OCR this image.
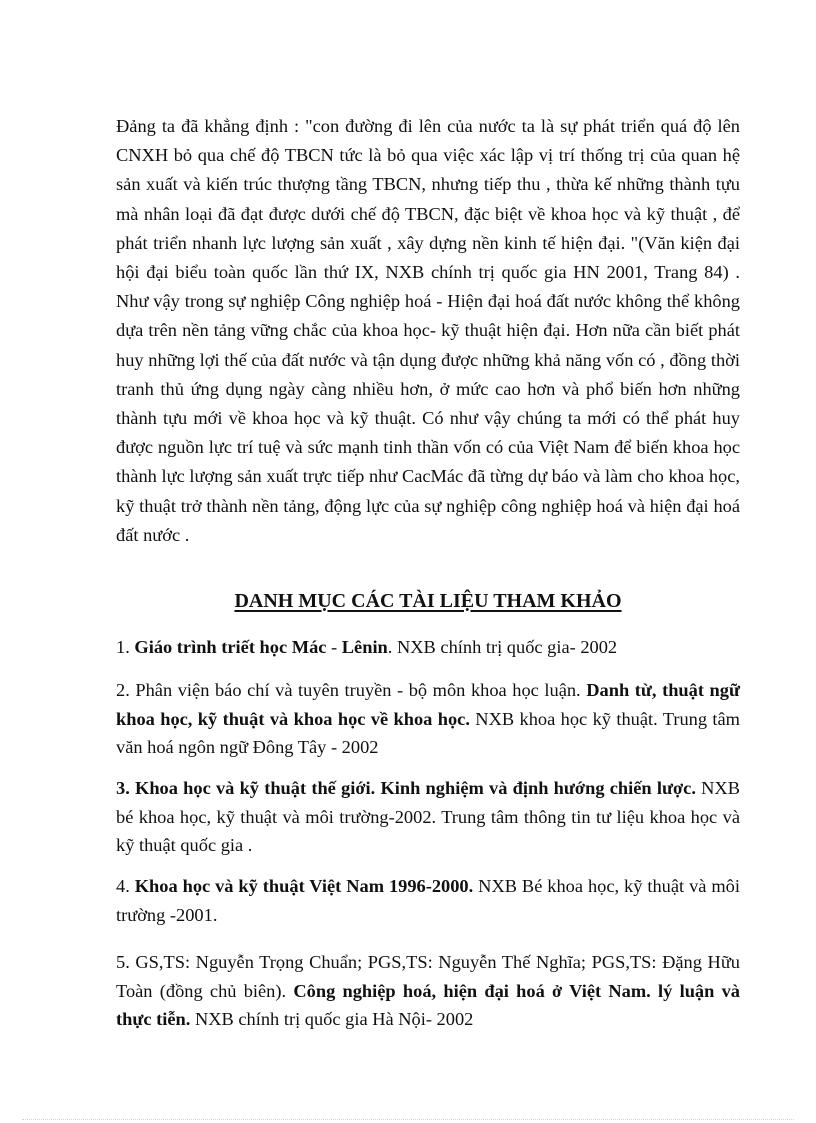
Đảng ta đã khẳng định : "con đường đi lên của nước ta là sự phát triển quá độ lên CNXH bỏ qua chế độ TBCN tức là bỏ qua việc xác lập vị trí thống trị của quan hệ sản xuất và kiến trúc thượng tầng TBCN, nhưng tiếp thu , thừa kế những thành tựu mà nhân loại đã đạt được dưới chế độ TBCN, đặc biệt về khoa học và kỹ thuật , để phát triển nhanh lực lượng sản xuất , xây dựng nền kinh tế hiện đại. "(Văn kiện đại hội đại biểu toàn quốc lần thứ IX, NXB chính trị quốc gia HN 2001, Trang 84) . Như vậy trong sự nghiệp Công nghiệp hoá - Hiện đại hoá đất nước không thể không dựa trên nền tảng vững chắc của khoa học- kỹ thuật hiện đại. Hơn nữa cần biết phát huy những lợi thế của đất nước và tận dụng được những khả năng vốn có , đồng thời tranh thủ ứng dụng ngày càng nhiều hơn, ở mức cao hơn và phổ biến hơn những thành tựu mới về khoa học và kỹ thuật. Có như vậy chúng ta mới có thể phát huy được nguồn lực trí tuệ và sức mạnh tinh thần vốn có của Việt Nam để biến khoa học thành lực lượng sản xuất trực tiếp như CacMác đã từng dự báo và làm cho khoa học, kỹ thuật trở thành nền tảng, động lực của sự nghiệp công nghiệp hoá và hiện đại hoá đất nước .

DANH MỤC CÁC TÀI LIỆU THAM KHẢO

1. Giáo trình triết học Mác - Lênin. NXB chính trị quốc gia- 2002

2. Phân viện báo chí và tuyên truyền - bộ môn khoa học luận. Danh từ, thuật ngữ khoa học, kỹ thuật và khoa học về khoa học. NXB khoa học kỹ thuật. Trung tâm văn hoá ngôn ngữ Đông Tây - 2002

3. Khoa học và kỹ thuật thế giới. Kinh nghiệm và định hướng chiến lược. NXB bé khoa học, kỹ thuật và môi trường-2002. Trung tâm thông tin tư liệu khoa học và kỹ thuật quốc gia .

4. Khoa học và kỹ thuật Việt Nam 1996-2000. NXB Bé khoa học, kỹ thuật và môi trường -2001.

5. GS,TS: Nguyễn Trọng Chuẩn; PGS,TS: Nguyễn Thế Nghĩa; PGS,TS: Đặng Hữu Toàn (đồng chủ biên). Công nghiệp hoá, hiện đại hoá ở Việt Nam. lý luận và thực tiễn. NXB chính trị quốc gia Hà Nội- 2002
